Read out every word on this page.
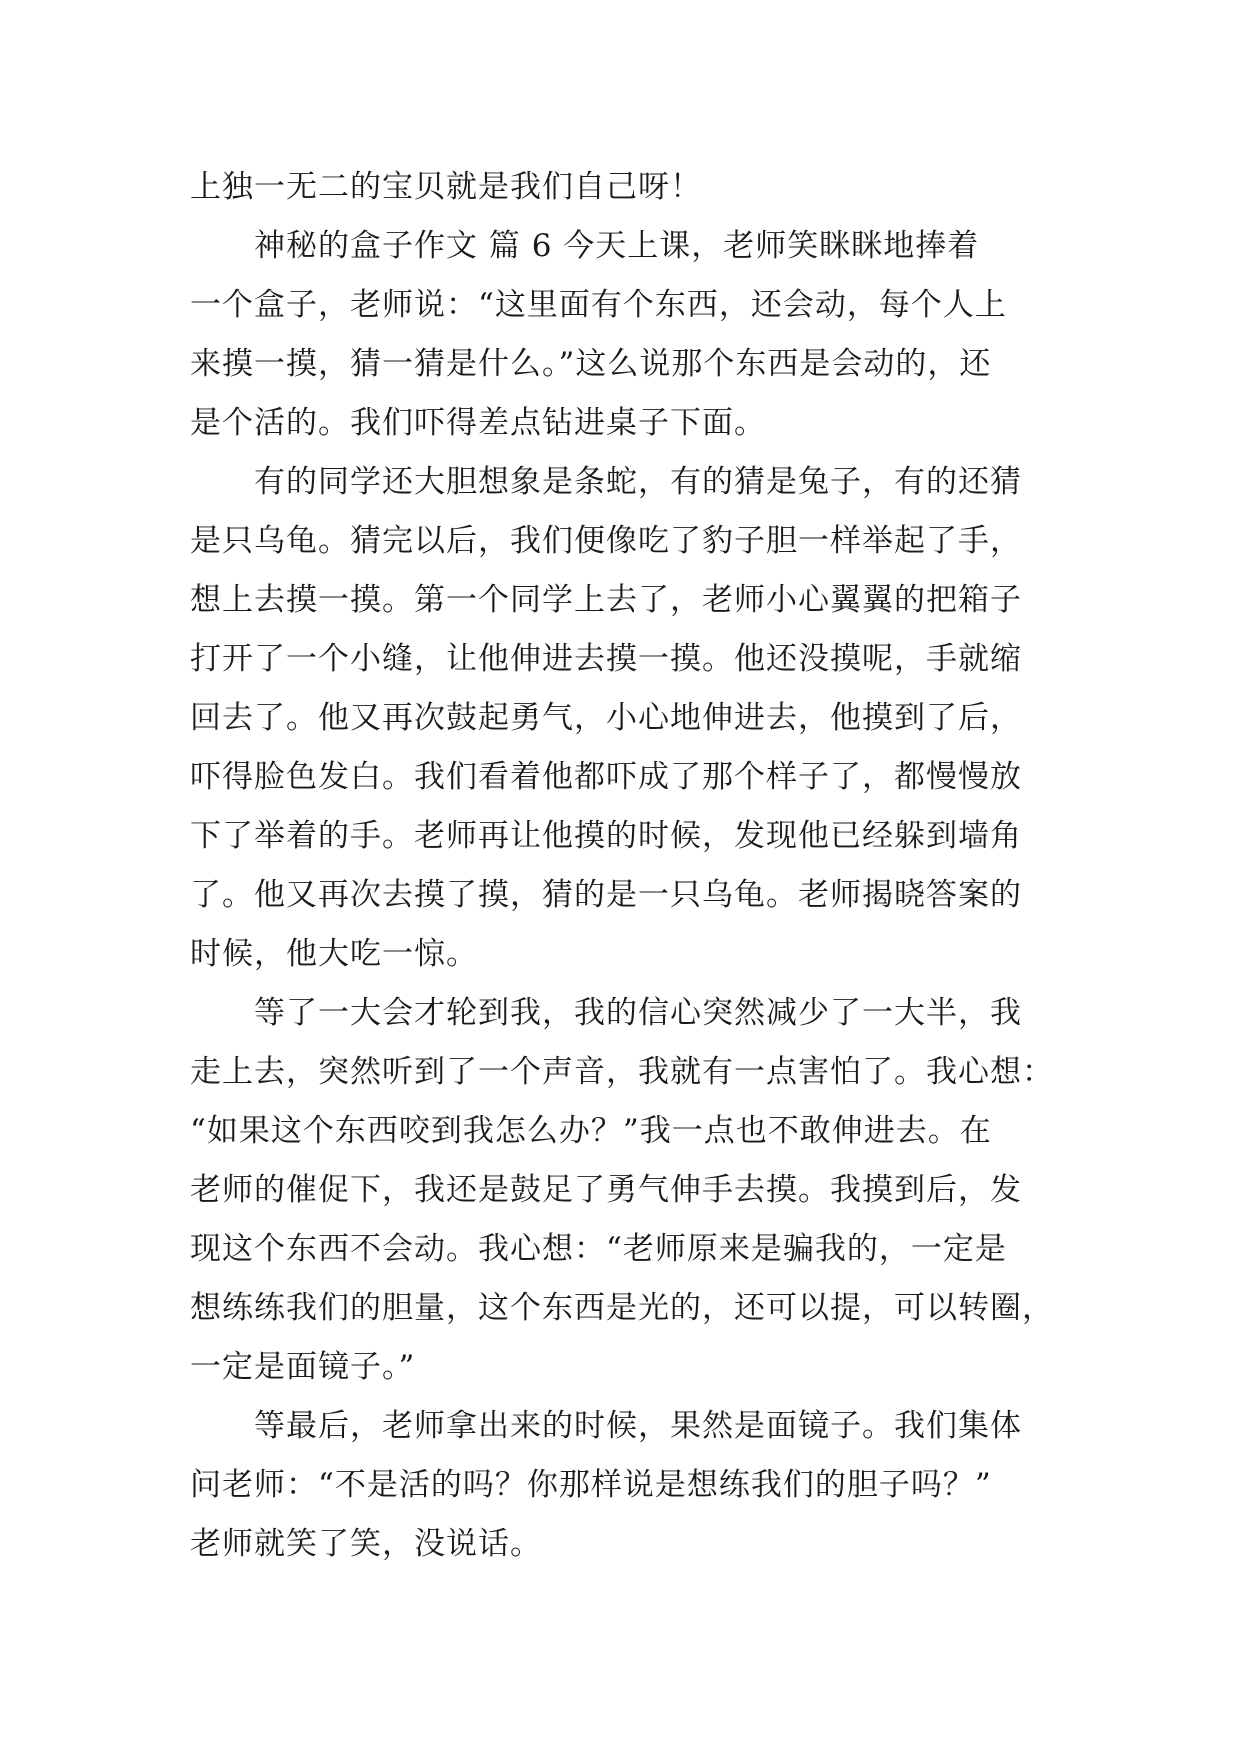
上独一无二的宝贝就是我们自己呀！
神秘的盒子作文 篇 6 今天上课，老师笑眯眯地捧着
一个盒子，老师说：“这里面有个东西，还会动，每个人上
来摸一摸，猜一猜是什么。”这么说那个东西是会动的，还
是个活的。我们吓得差点钻进桌子下面。
有的同学还大胆想象是条蛇，有的猜是兔子，有的还猜
是只乌龟。猜完以后，我们便像吃了豹子胆一样举起了手，
想上去摸一摸。第一个同学上去了，老师小心翼翼的把箱子
打开了一个小缝，让他伸进去摸一摸。他还没摸呢，手就缩
回去了。他又再次鼓起勇气，小心地伸进去，他摸到了后，
吓得脸色发白。我们看着他都吓成了那个样子了，都慢慢放
下了举着的手。老师再让他摸的时候，发现他已经躲到墙角
了。他又再次去摸了摸，猜的是一只乌龟。老师揭晓答案的
时候，他大吃一惊。
等了一大会才轮到我，我的信心突然减少了一大半，我
走上去，突然听到了一个声音，我就有一点害怕了。我心想：
“如果这个东西咬到我怎么办？”我一点也不敢伸进去。在
老师的催促下，我还是鼓足了勇气伸手去摸。我摸到后，发
现这个东西不会动。我心想：“老师原来是骗我的，一定是
想练练我们的胆量，这个东西是光的，还可以提，可以转圈，
一定是面镜子。”
等最后，老师拿出来的时候，果然是面镜子。我们集体
问老师：“不是活的吗？你那样说是想练我们的胆子吗？”
老师就笑了笑，没说话。
